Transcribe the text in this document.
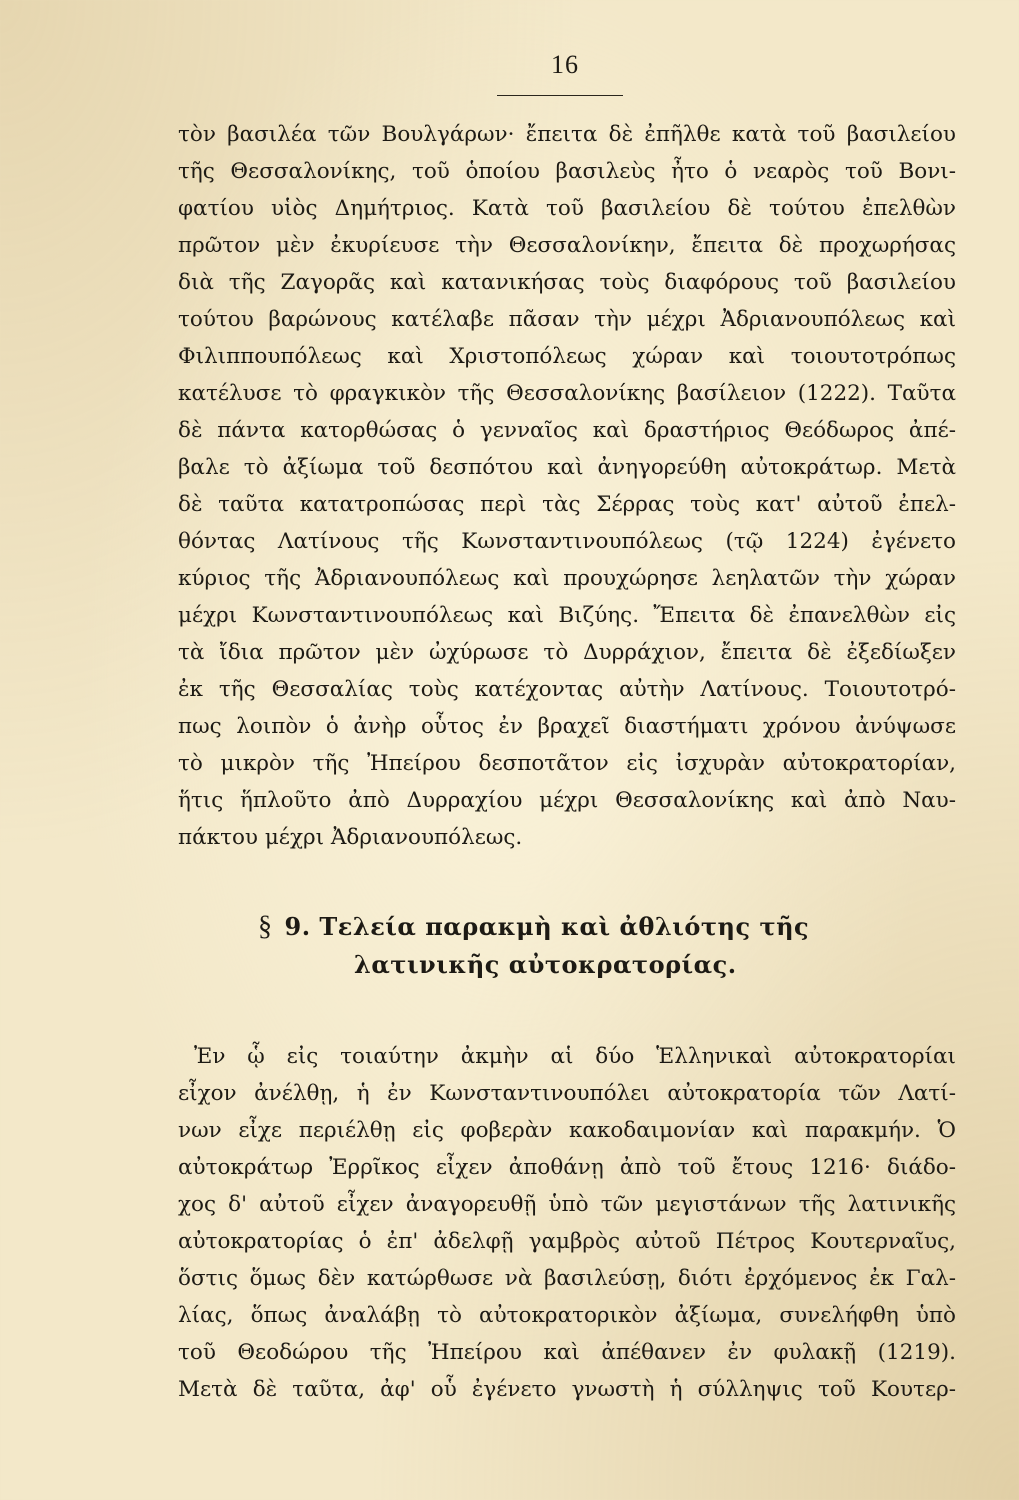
16
τὸν βασιλέα τῶν Βουλγάρων· ἔπειτα δὲ ἐπῆλθε κατὰ τοῦ βασιλείου
τῆς Θεσσαλονίκης, τοῦ ὁποίου βασιλεὺς ἦτο ὁ νεαρὸς τοῦ Βονι-
φατίου υἱὸς Δημήτριος. Κατὰ τοῦ βασιλείου δὲ τούτου ἐπελθὼν
πρῶτον μὲν ἐκυρίευσε τὴν Θεσσαλονίκην, ἔπειτα δὲ προχωρήσας
διὰ τῆς Ζαγορᾶς καὶ κατανικήσας τοὺς διαφόρους τοῦ βασιλείου
τούτου βαρώνους κατέλαβε πᾶσαν τὴν μέχρι Ἀδριανουπόλεως καὶ
Φιλιππουπόλεως καὶ Χριστοπόλεως χώραν καὶ τοιουτοτρόπως
κατέλυσε τὸ φραγκικὸν τῆς Θεσσαλονίκης βασίλειον (1222). Ταῦτα
δὲ πάντα κατορθώσας ὁ γενναῖος καὶ δραστήριος Θεόδωρος ἀπέ-
βαλε τὸ ἀξίωμα τοῦ δεσπότου καὶ ἀνηγορεύθη αὐτοκράτωρ. Μετὰ
δὲ ταῦτα κατατροπώσας περὶ τὰς Σέρρας τοὺς κατ' αὐτοῦ ἐπελ-
θόντας Λατίνους τῆς Κωνσταντινουπόλεως (τῷ 1224) ἐγένετο
κύριος τῆς Ἀδριανουπόλεως καὶ προυχώρησε λεηλατῶν τὴν χώραν
μέχρι Κωνσταντινουπόλεως καὶ Βιζύης. Ἔπειτα δὲ ἐπανελθὼν εἰς
τὰ ἴδια πρῶτον μὲν ὠχύρωσε τὸ Δυρράχιον, ἔπειτα δὲ ἐξεδίωξεν
ἐκ τῆς Θεσσαλίας τοὺς κατέχοντας αὐτὴν Λατίνους. Τοιουτοτρό-
πως λοιπὸν ὁ ἀνὴρ οὗτος ἐν βραχεῖ διαστήματι χρόνου ἀνύψωσε
τὸ μικρὸν τῆς Ἠπείρου δεσποτᾶτον εἰς ἰσχυρὰν αὐτοκρατορίαν,
ἥτις ἥπλοῦτο ἀπὸ Δυρραχίου μέχρι Θεσσαλονίκης καὶ ἀπὸ Ναυ-
πάκτου μέχρι Ἀδριανουπόλεως.
§ 9. Τελεία παρακμὴ καὶ ἀθλιότης τῆς
λατινικῆς αὐτοκρατορίας.
Ἐν ᾧ εἰς τοιαύτην ἀκμὴν αἱ δύο Ἑλληνικαὶ αὐτοκρατορίαι
εἶχον ἀνέλθῃ, ἡ ἐν Κωνσταντινουπόλει αὐτοκρατορία τῶν Λατί-
νων εἶχε περιέλθῃ εἰς φοβερὰν κακοδαιμονίαν καὶ παρακμήν. Ὁ
αὐτοκράτωρ Ἐρρῖκος εἶχεν ἀποθάνῃ ἀπὸ τοῦ ἔτους 1216· διάδο-
χος δ' αὐτοῦ εἶχεν ἀναγορευθῇ ὑπὸ τῶν μεγιστάνων τῆς λατινικῆς
αὐτοκρατορίας ὁ ἐπ' ἀδελφῇ γαμβρὸς αὐτοῦ Πέτρος Κουτερναῖυς,
ὅστις ὅμως δὲν κατώρθωσε νὰ βασιλεύσῃ, διότι ἐρχόμενος ἐκ Γαλ-
λίας, ὅπως ἀναλάβῃ τὸ αὐτοκρατορικὸν ἀξίωμα, συνελήφθη ὑπὸ
τοῦ Θεοδώρου τῆς Ἠπείρου καὶ ἀπέθανεν ἐν φυλακῇ (1219).
Μετὰ δὲ ταῦτα, ἀφ' οὗ ἐγένετο γνωστὴ ἡ σύλληψις τοῦ Κουτερ-
